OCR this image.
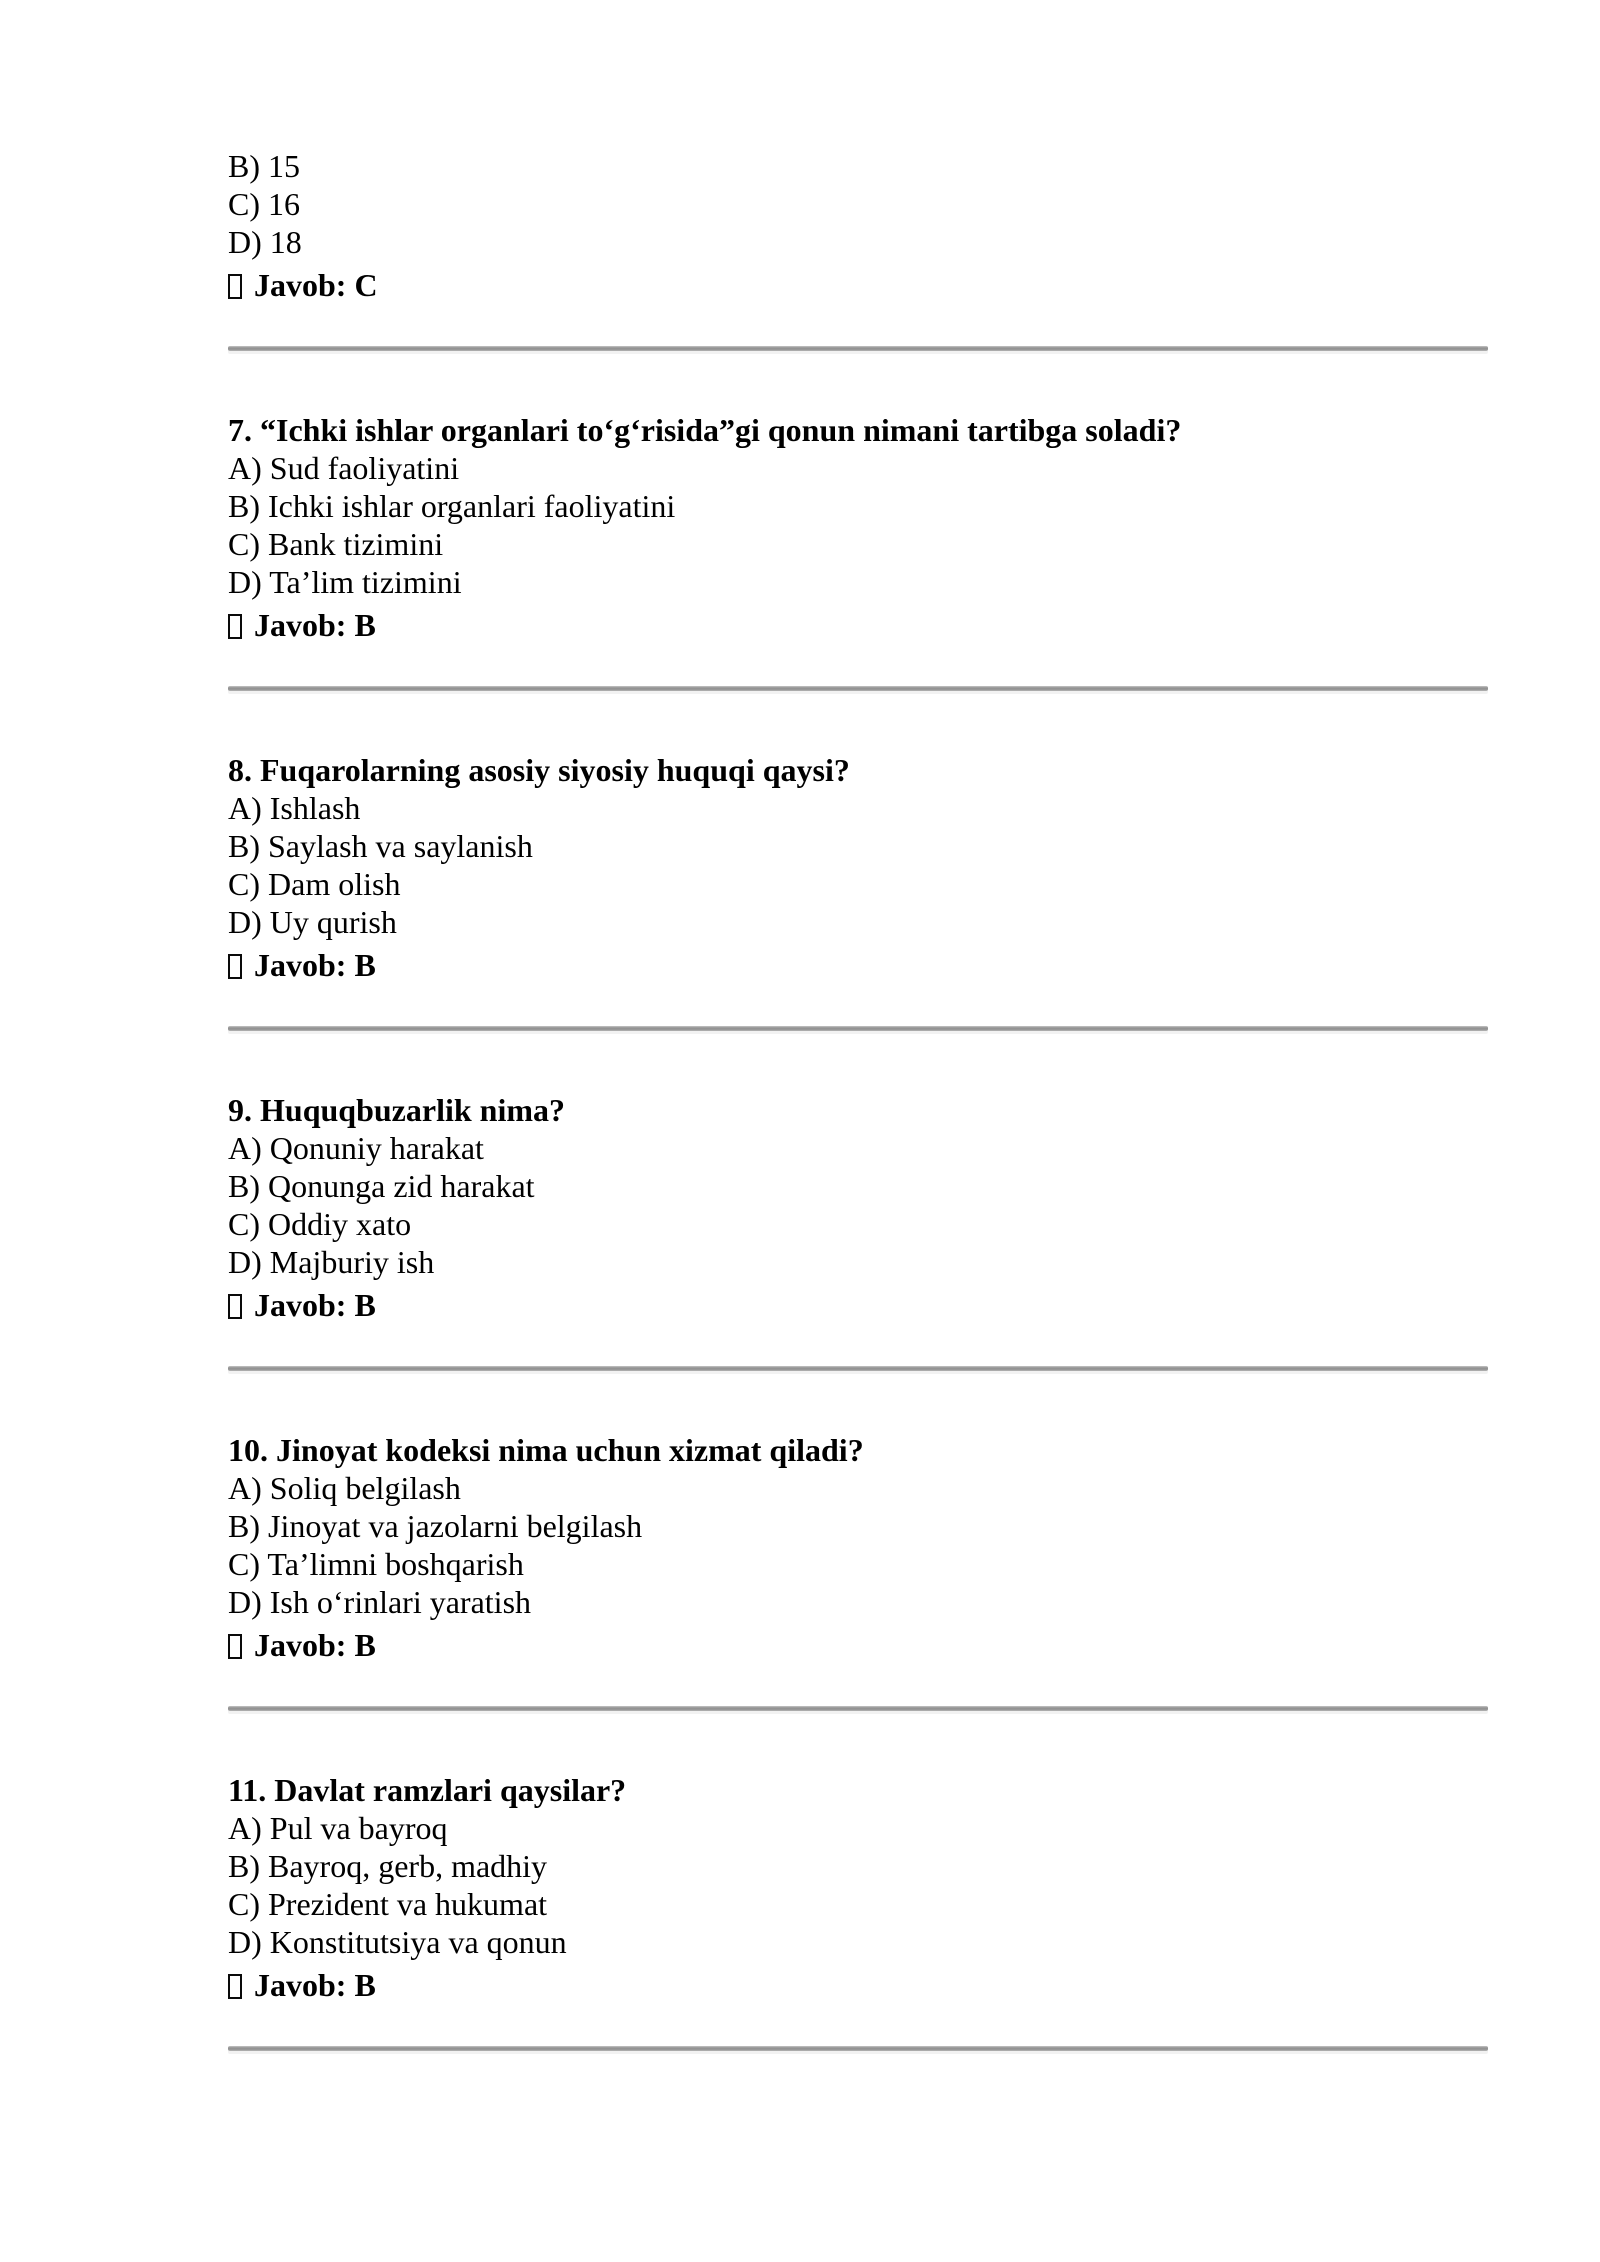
B) 15

C) 16

D) 18

Javob: C

7. “Ichki ishlar organlari to‘g‘risida”gi qonun nimani tartibga soladi?

A) Sud faoliyatini

B) Ichki ishlar organlari faoliyatini

C) Bank tizimini

D) Ta’lim tizimini

Javob: B

8. Fuqarolarning asosiy siyosiy huquqi qaysi?

A) Ishlash

B) Saylash va saylanish

C) Dam olish

D) Uy qurish

Javob: B

9. Huquqbuzarlik nima?

A) Qonuniy harakat

B) Qonunga zid harakat

C) Oddiy xato

D) Majburiy ish

Javob: B

10. Jinoyat kodeksi nima uchun xizmat qiladi?

A) Soliq belgilash

B) Jinoyat va jazolarni belgilash

C) Ta’limni boshqarish

D) Ish o‘rinlari yaratish

Javob: B

11. Davlat ramzlari qaysilar?

A) Pul va bayroq

B) Bayroq, gerb, madhiy

C) Prezident va hukumat

D) Konstitutsiya va qonun

Javob: B
